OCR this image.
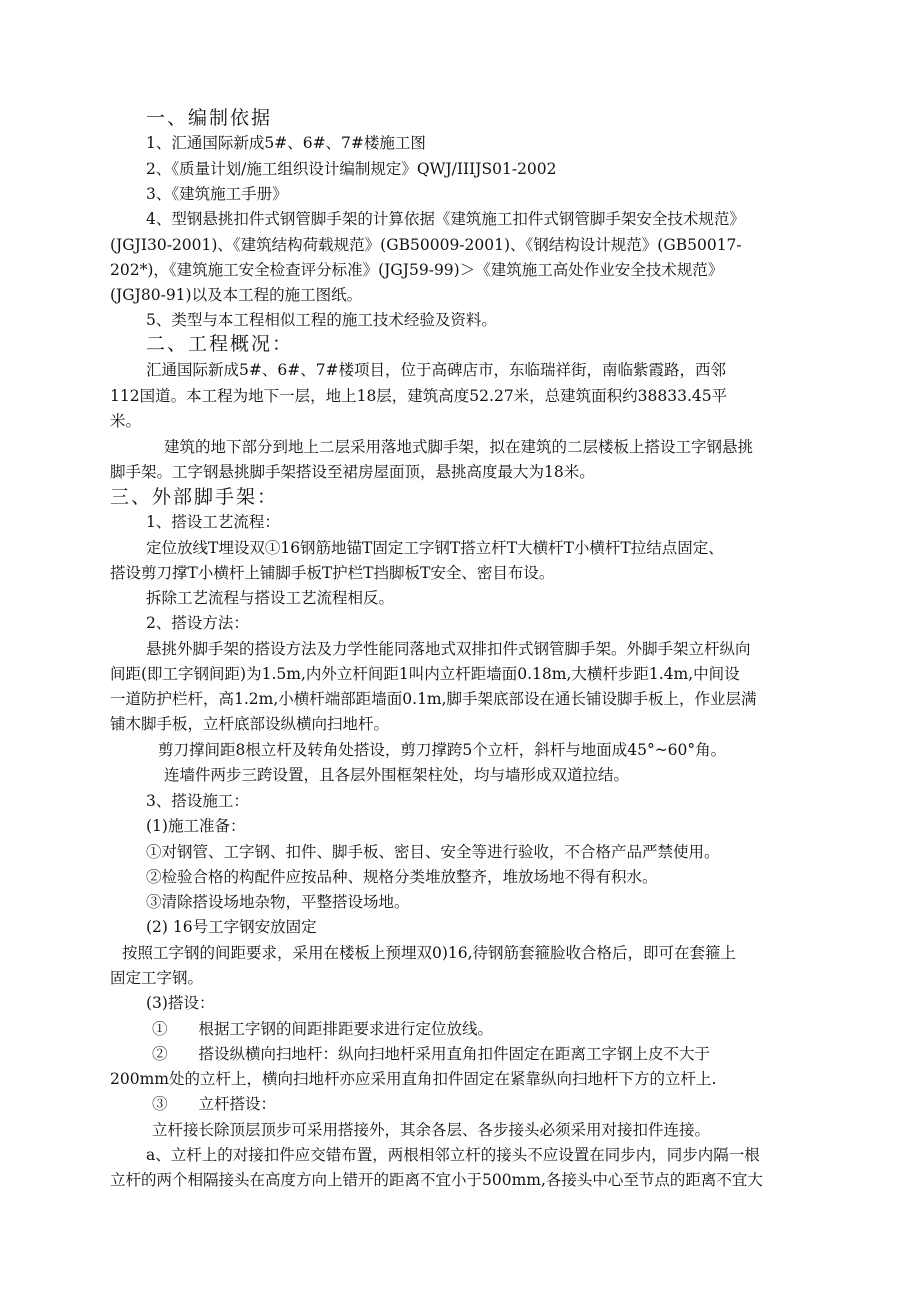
一、编制依据
1、汇通国际新成5#、6#、7#楼施工图
2、《质量计划/施工组织设计编制规定》QWJ/IIIJS01-2002
3、《建筑施工手册》
4、型钢悬挑扣件式钢管脚手架的计算依据《建筑施工扣件式钢管脚手架安全技术规范》
(JGJI30-2001)、《建筑结构荷载规范》(GB50009-2001)、《钢结构设计规范》(GB50017-
202*)，《建筑施工安全检查评分标准》(JGJ59-99)＞《建筑施工高处作业安全技术规范》
(JGJ80-91)以及本工程的施工图纸。
5、类型与本工程相似工程的施工技术经验及资料。
二、工程概况：
汇通国际新成5#、6#、7#楼项目，位于高碑店市，东临瑞祥街，南临紫霞路，西邻
112国道。本工程为地下一层，地上18层，建筑高度52.27米，总建筑面积约38833.45平
米。
建筑的地下部分到地上二层采用落地式脚手架，拟在建筑的二层楼板上搭设工字钢悬挑
脚手架。工字钢悬挑脚手架搭设至裙房屋面顶，悬挑高度最大为18米。
三、外部脚手架：
1、搭设工艺流程：
定位放线T埋设双①16钢筋地锚T固定工字钢T搭立杆T大横杆T小横杆T拉结点固定、
搭设剪刀撑T小横杆上铺脚手板T护栏T挡脚板T安全、密目布设。
拆除工艺流程与搭设工艺流程相反。
2、搭设方法：
悬挑外脚手架的搭设方法及力学性能同落地式双排扣件式钢管脚手架。外脚手架立杆纵向
间距(即工字钢间距)为1.5m,内外立杆间距1叫内立杆距墙面0.18m,大横杆步距1.4m,中间设
一道防护栏杆，高1.2m,小横杆端部距墙面0.1m,脚手架底部设在通长铺设脚手板上，作业层满
铺木脚手板，立杆底部设纵横向扫地杆。
剪刀撑间距8根立杆及转角处搭设，剪刀撑跨5个立杆，斜杆与地面成45°~60°角。
连墙件两步三跨设置，且各层外围框架柱处，均与墙形成双道拉结。
3、搭设施工：
(1)施工准备：
①对钢管、工字钢、扣件、脚手板、密目、安全等进行验收，不合格产品严禁使用。
②检验合格的构配件应按品种、规格分类堆放整齐，堆放场地不得有积水。
③清除搭设场地杂物，平整搭设场地。
(2) 16号工字钢安放固定
按照工字钢的间距要求，采用在楼板上预埋双0)16,待钢筋套箍脸收合格后，即可在套箍上
固定工字钢。
(3)搭设：
①　　根据工字钢的间距排距要求进行定位放线。
②　　搭设纵横向扫地杆：纵向扫地杆采用直角扣件固定在距离工字钢上皮不大于
200mm处的立杆上，横向扫地杆亦应采用直角扣件固定在紧靠纵向扫地杆下方的立杆上.
③　　立杆搭设：
立杆接长除顶层顶步可采用搭接外，其余各层、各步接头必须采用对接扣件连接。
a、立杆上的对接扣件应交错布置，两根相邻立杆的接头不应设置在同步内，同步内隔一根
立杆的两个相隔接头在高度方向上错开的距离不宜小于500mm,各接头中心至节点的距离不宜大
